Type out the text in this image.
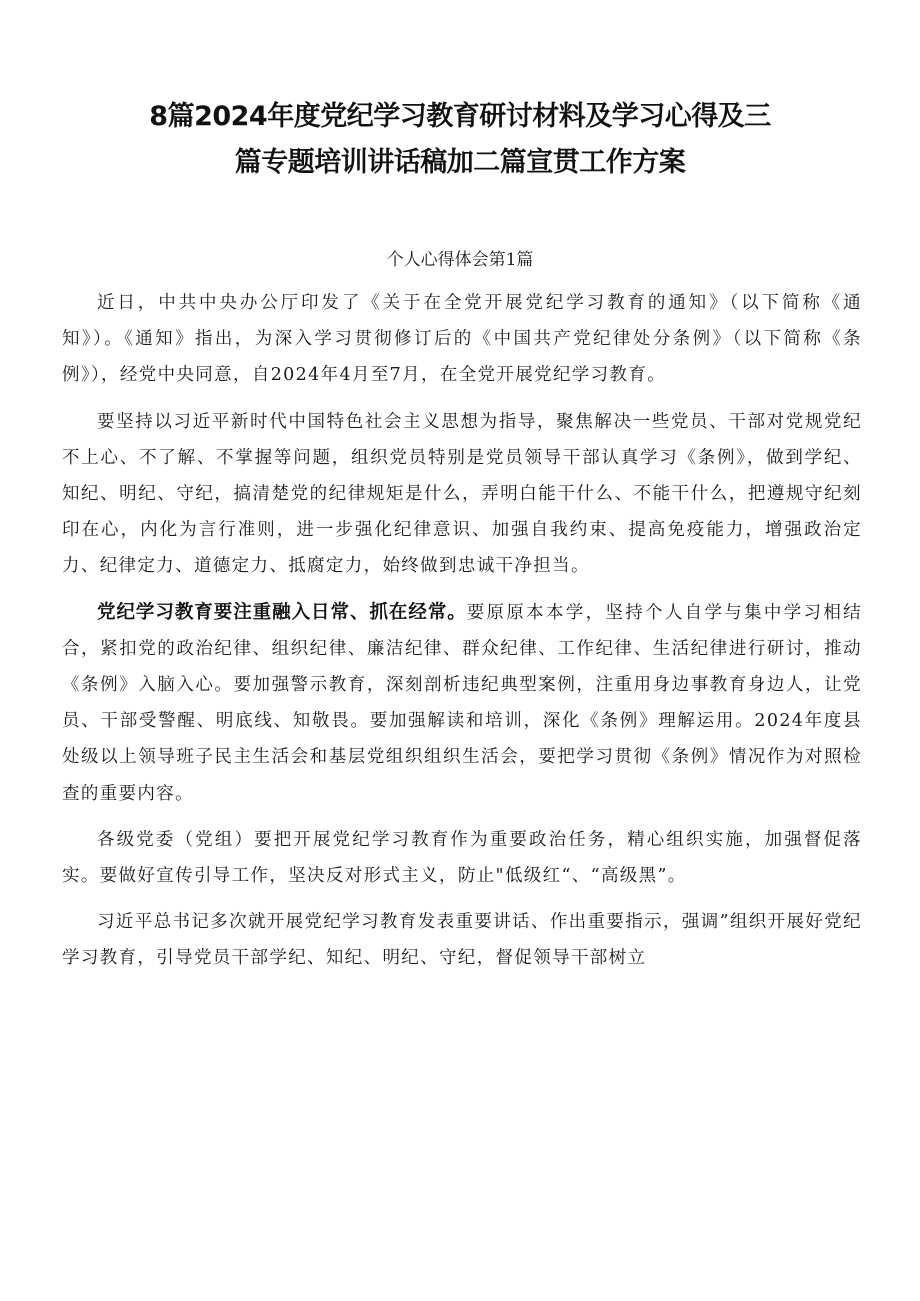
8篇2024年度党纪学习教育研讨材料及学习心得及三
篇专题培训讲话稿加二篇宣贯工作方案
个人心得体会第1篇

近日，中共中央办公厅印发了《关于在全党开展党纪学习教育的通知》（以下简称《通知》）。《通知》指出，为深入学习贯彻修订后的《中国共产党纪律处分条例》（以下简称《条例》），经党中央同意，自2024年4月至7月，在全党开展党纪学习教育。

要坚持以习近平新时代中国特色社会主义思想为指导，聚焦解决一些党员、干部对党规党纪不上心、不了解、不掌握等问题，组织党员特别是党员领导干部认真学习《条例》，做到学纪、知纪、明纪、守纪，搞清楚党的纪律规矩是什么，弄明白能干什么、不能干什么，把遵规守纪刻印在心，内化为言行准则，进一步强化纪律意识、加强自我约束、提高免疫能力，增强政治定力、纪律定力、道德定力、抵腐定力，始终做到忠诚干净担当。

党纪学习教育要注重融入日常、抓在经常。要原原本本学，坚持个人自学与集中学习相结合，紧扣党的政治纪律、组织纪律、廉洁纪律、群众纪律、工作纪律、生活纪律进行研讨，推动《条例》入脑入心。要加强警示教育，深刻剖析违纪典型案例，注重用身边事教育身边人，让党员、干部受警醒、明底线、知敬畏。要加强解读和培训，深化《条例》理解运用。2024年度县处级以上领导班子民主生活会和基层党组织组织生活会，要把学习贯彻《条例》情况作为对照检查的重要内容。

各级党委（党组）要把开展党纪学习教育作为重要政治任务，精心组织实施，加强督促落实。要做好宣传引导工作，坚决反对形式主义，防止"低级红“、“高级黑”。

习近平总书记多次就开展党纪学习教育发表重要讲话、作出重要指示，强调”组织开展好党纪学习教育，引导党员干部学纪、知纪、明纪、守纪，督促领导干部树立
